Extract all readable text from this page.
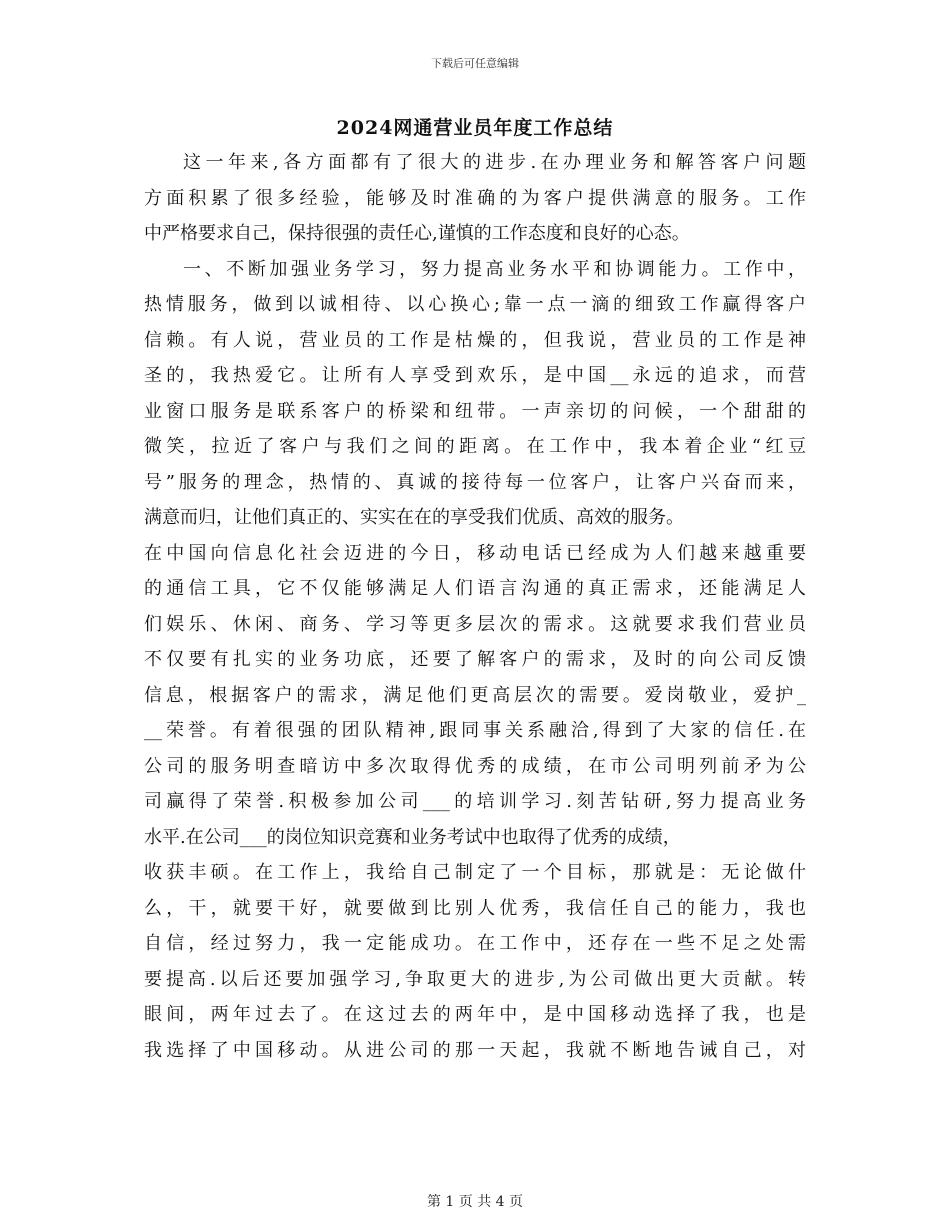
下载后可任意编辑
2024网通营业员年度工作总结
这一年来,各方面都有了很大的进步.在办理业务和解答客户问题
方面积累了很多经验，能够及时准确的为客户提供满意的服务。工作
中严格要求自己，保持很强的责任心,谨慎的工作态度和良好的心态。
一、不断加强业务学习，努力提高业务水平和协调能力。工作中，
热情服务，做到以诚相待、以心换心;靠一点一滴的细致工作赢得客户
信赖。有人说，营业员的工作是枯燥的，但我说，营业员的工作是神
圣的，我热爱它。让所有人享受到欢乐，是中国__永远的追求，而营
业窗口服务是联系客户的桥梁和纽带。一声亲切的问候，一个甜甜的
微笑，拉近了客户与我们之间的距离。在工作中，我本着企业“红豆
号”服务的理念，热情的、真诚的接待每一位客户，让客户兴奋而来，
满意而归，让他们真正的、实实在在的享受我们优质、高效的服务。
在中国向信息化社会迈进的今日，移动电话已经成为人们越来越重要
的通信工具，它不仅能够满足人们语言沟通的真正需求，还能满足人
们娱乐、休闲、商务、学习等更多层次的需求。这就要求我们营业员
不仅要有扎实的业务功底，还要了解客户的需求，及时的向公司反馈
信息，根据客户的需求，满足他们更高层次的需要。爱岗敬业，爱护_
__荣誉。有着很强的团队精神,跟同事关系融洽,得到了大家的信任.在
公司的服务明查暗访中多次取得优秀的成绩，在市公司明列前矛为公
司赢得了荣誉.积极参加公司___的培训学习.刻苦钻研,努力提高业务
水平.在公司___的岗位知识竞赛和业务考试中也取得了优秀的成绩，
收获丰硕。在工作上，我给自己制定了一个目标，那就是：无论做什
么，干，就要干好，就要做到比别人优秀，我信任自己的能力，我也
自信，经过努力，我一定能成功。在工作中，还存在一些不足之处需
要提高.以后还要加强学习,争取更大的进步,为公司做出更大贡献。转
眼间，两年过去了。在这过去的两年中，是中国移动选择了我，也是
我选择了中国移动。从进公司的那一天起，我就不断地告诫自己，对
第 1 页 共 4 页
